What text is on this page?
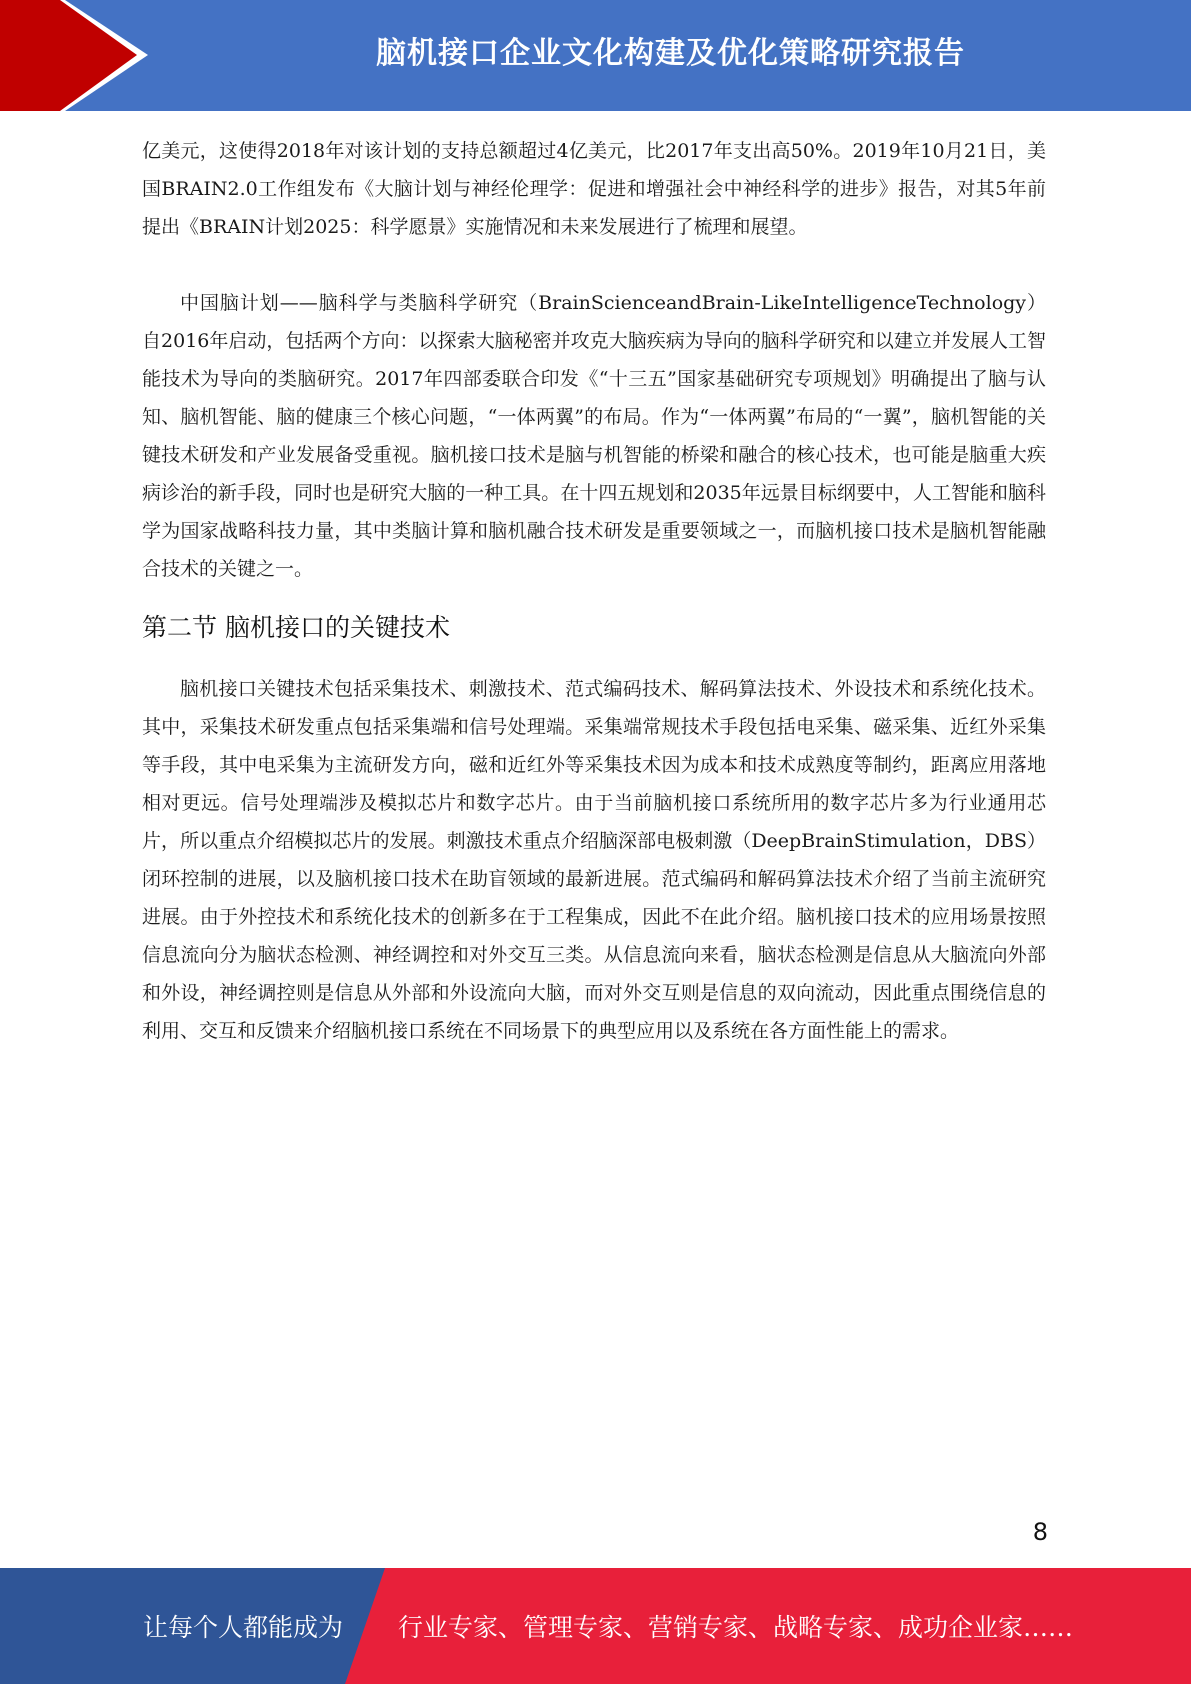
脑机接口企业文化构建及优化策略研究报告

亿美元，这使得2018年对该计划的支持总额超过4亿美元，比2017年支出高50%。2019年10月21日，美国BRAIN2.0工作组发布《大脑计划与神经伦理学：促进和增强社会中神经科学的进步》报告，对其5年前提出《BRAIN计划2025：科学愿景》实施情况和未来发展进行了梳理和展望。

中国脑计划——脑科学与类脑科学研究（BrainScienceandBrain-LikeIntelligenceTechnology）自2016年启动，包括两个方向：以探索大脑秘密并攻克大脑疾病为导向的脑科学研究和以建立并发展人工智能技术为导向的类脑研究。2017年四部委联合印发《“十三五”国家基础研究专项规划》明确提出了脑与认知、脑机智能、脑的健康三个核心问题，“一体两翼”的布局。作为“一体两翼”布局的“一翼”，脑机智能的关键技术研发和产业发展备受重视。脑机接口技术是脑与机智能的桥梁和融合的核心技术，也可能是脑重大疾病诊治的新手段，同时也是研究大脑的一种工具。在十四五规划和2035年远景目标纲要中，人工智能和脑科学为国家战略科技力量，其中类脑计算和脑机融合技术研发是重要领域之一，而脑机接口技术是脑机智能融合技术的关键之一。

第二节 脑机接口的关键技术

脑机接口关键技术包括采集技术、刺激技术、范式编码技术、解码算法技术、外设技术和系统化技术。其中，采集技术研发重点包括采集端和信号处理端。采集端常规技术手段包括电采集、磁采集、近红外采集等手段，其中电采集为主流研发方向，磁和近红外等采集技术因为成本和技术成熟度等制约，距离应用落地相对更远。信号处理端涉及模拟芯片和数字芯片。由于当前脑机接口系统所用的数字芯片多为行业通用芯片，所以重点介绍模拟芯片的发展。刺激技术重点介绍脑深部电极刺激（DeepBrainStimulation，DBS）闭环控制的进展，以及脑机接口技术在助盲领域的最新进展。范式编码和解码算法技术介绍了当前主流研究进展。由于外控技术和系统化技术的创新多在于工程集成，因此不在此介绍。脑机接口技术的应用场景按照信息流向分为脑状态检测、神经调控和对外交互三类。从信息流向来看，脑状态检测是信息从大脑流向外部和外设，神经调控则是信息从外部和外设流向大脑，而对外交互则是信息的双向流动，因此重点围绕信息的利用、交互和反馈来介绍脑机接口系统在不同场景下的典型应用以及系统在各方面性能上的需求。

8
让每个人都能成为 行业专家、管理专家、营销专家、战略专家、成功企业家……
